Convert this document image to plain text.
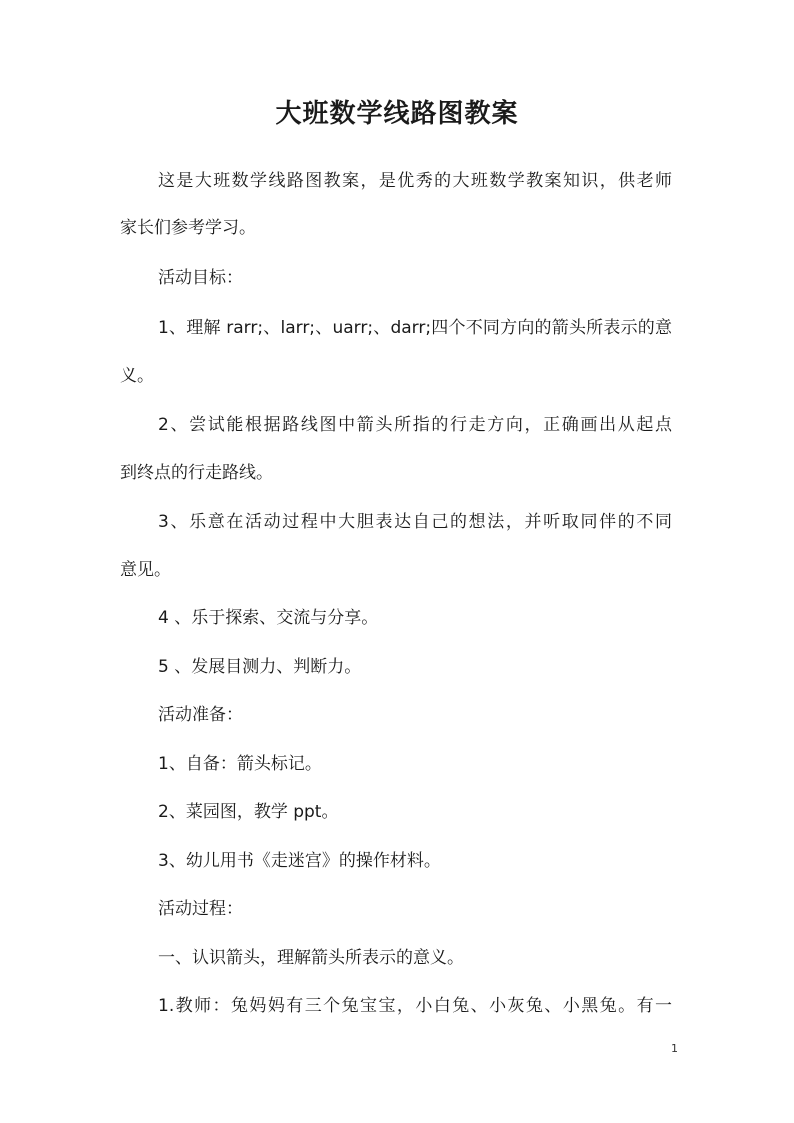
大班数学线路图教案
这是大班数学线路图教案，是优秀的大班数学教案知识，供老师
家长们参考学习。
活动目标：
1、理解 rarr;、larr;、uarr;、darr;四个不同方向的箭头所表示的意
义。
2、尝试能根据路线图中箭头所指的行走方向，正确画出从起点
到终点的行走路线。
3、乐意在活动过程中大胆表达自己的想法，并听取同伴的不同
意见。
4 、乐于探索、交流与分享。
5 、发展目测力、判断力。
活动准备：
1、自备：箭头标记。
2、菜园图，教学 ppt。
3、幼儿用书《走迷宫》的操作材料。
活动过程：
一、认识箭头，理解箭头所表示的意义。
1.教师：兔妈妈有三个兔宝宝，小白兔、小灰兔、小黑兔。有一
1
